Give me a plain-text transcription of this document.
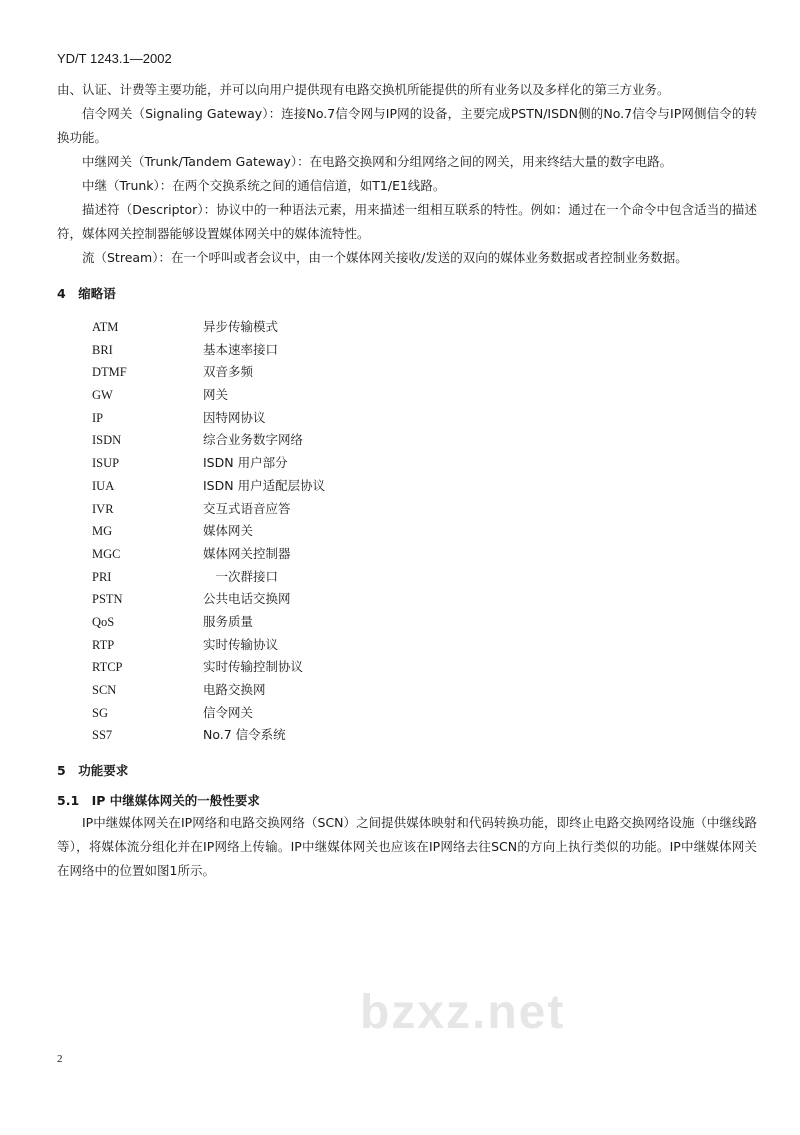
YD/T 1243.1—2002

由、认证、计费等主要功能，并可以向用户提供现有电路交换机所能提供的所有业务以及多样化的第三方业务。

信令网关（Signaling Gateway）：连接No.7信令网与IP网的设备，主要完成PSTN/ISDN侧的No.7信令与IP网侧信令的转换功能。

中继网关（Trunk/Tandem Gateway）：在电路交换网和分组网络之间的网关，用来终结大量的数字电路。

中继（Trunk）：在两个交换系统之间的通信信道，如T1/E1线路。

描述符（Descriptor）：协议中的一种语法元素，用来描述一组相互联系的特性。例如：通过在一个命令中包含适当的描述符，媒体网关控制器能够设置媒体网关中的媒体流特性。

流（Stream）：在一个呼叫或者会议中，由一个媒体网关接收/发送的双向的媒体业务数据或者控制业务数据。

4　缩略语
ATM	异步传输模式
BRI	基本速率接口
DTMF	双音多频
GW	网关
IP	因特网协议
ISDN	综合业务数字网络
ISUP	ISDN 用户部分
IUA	ISDN 用户适配层协议
IVR	交互式语音应答
MG	媒体网关
MGC	媒体网关控制器
PRI	　一次群接口
PSTN	公共电话交换网
QoS	服务质量
RTP	实时传输协议
RTCP	实时传输控制协议
SCN	电路交换网
SG	信令网关
SS7	No.7 信令系统
5　功能要求
5.1　IP 中继媒体网关的一般性要求

IP中继媒体网关在IP网络和电路交换网络（SCN）之间提供媒体映射和代码转换功能，即终止电路交换网络设施（中继线路等），将媒体流分组化并在IP网络上传输。IP中继媒体网关也应该在IP网络去往SCN的方向上执行类似的功能。IP中继媒体网关在网络中的位置如图1所示。

bzxz.net
2
